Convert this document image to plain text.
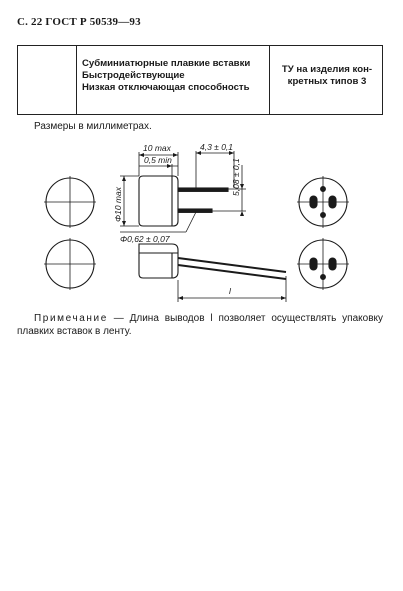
С. 22 ГОСТ Р 50539—93
Субминиатюрные плавкие вставки
Быстродействующие
Низкая отключающая способность
ТУ на изделия кон-
кретных типов 3
Размеры в миллиметрах.
10 max
0,5 min
4,3 ± 0,1
5,08 ± 0,1
Φ10 max
Φ0,62 ± 0,07
l
Примечание — Длина выводов l позволяет осуществлять упаковку плавких вставок в ленту.
